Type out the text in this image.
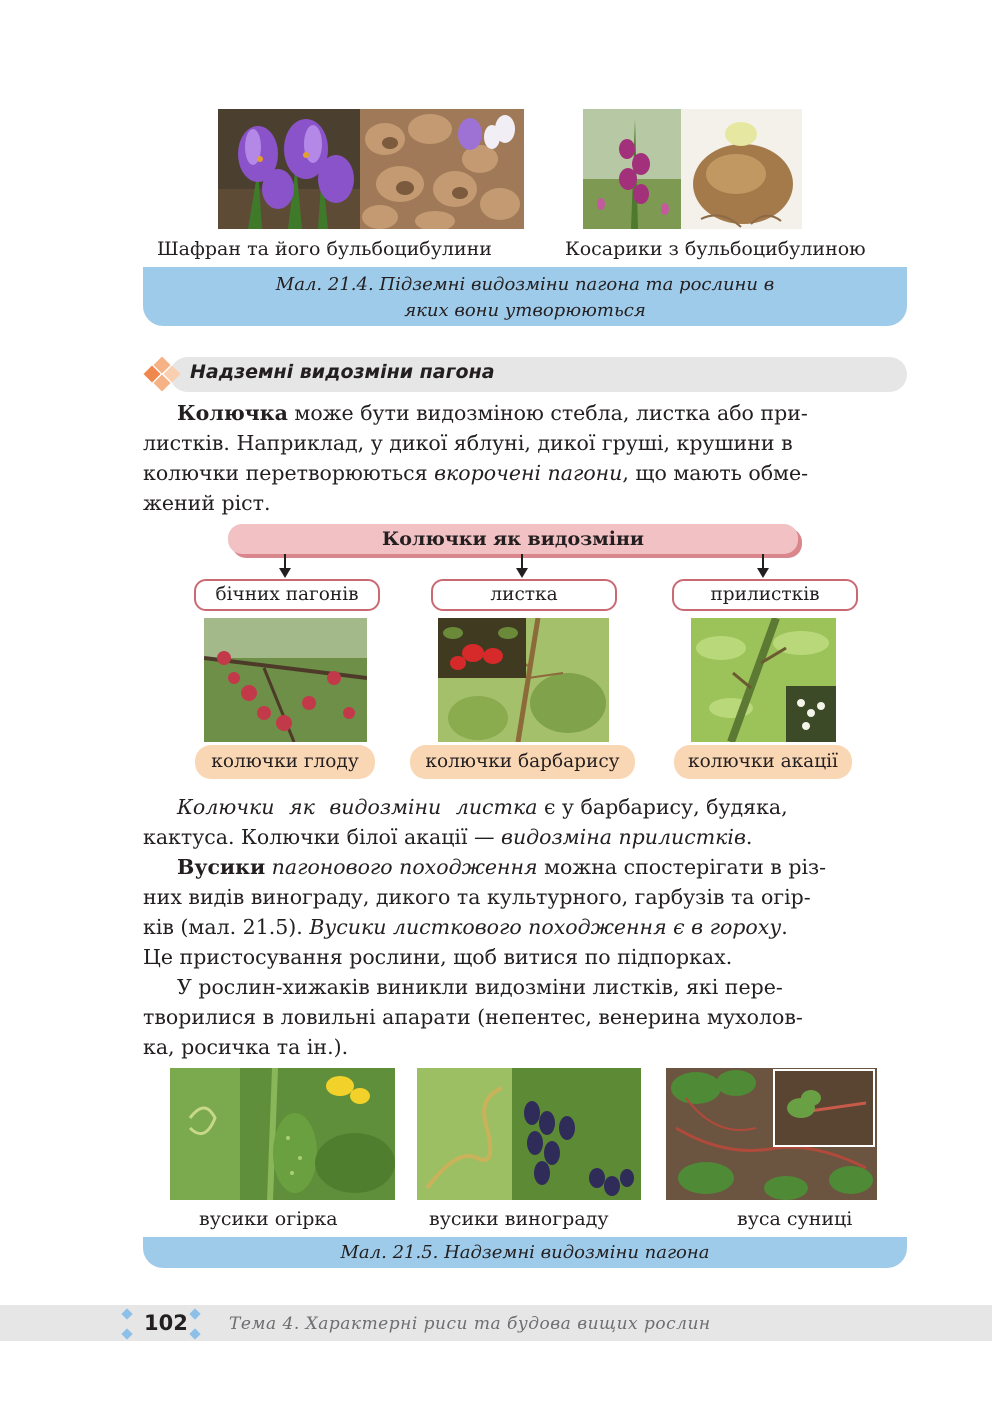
Шафран та його бульбоцибулини	Косарики з бульбоцибулиною
Мал. 21.4. Підземні видозміни пагона та рослини в
яких вони утворюються
Надземні видозміни пагона
Колючка може бути видозміною стебла, листка або при-
листків. Наприклад, у дикої яблуні, дикої груші, крушини в
колючки перетворюються вкорочені пагони, що мають обме-
жений ріст.
Колючки як видозміни
бічних пагонів	листка	прилистків
колючки глоду	колючки барбарису	колючки акації
Колючки як видозміни листка є у барбарису, будяка,
кактуса. Колючки білої акації — видозміна прилистків.
Вусики пагонового походження можна спостерігати в різ-
них видів винограду, дикого та культурного, гарбузів та огір-
ків (мал. 21.5). Вусики листкового походження є в гороху.
Це пристосування рослини, щоб витися по підпорках.
У рослин-хижаків виникли видозміни листків, які пере-
творилися в ловильні апарати (непентес, венерина мухолов-
ка, росичка та ін.).
вусики огірка	вусики винограду	вуса суниці
Мал. 21.5. Надземні видозміни пагона
102 Тема 4. Характерні риси та будова вищих рослин
